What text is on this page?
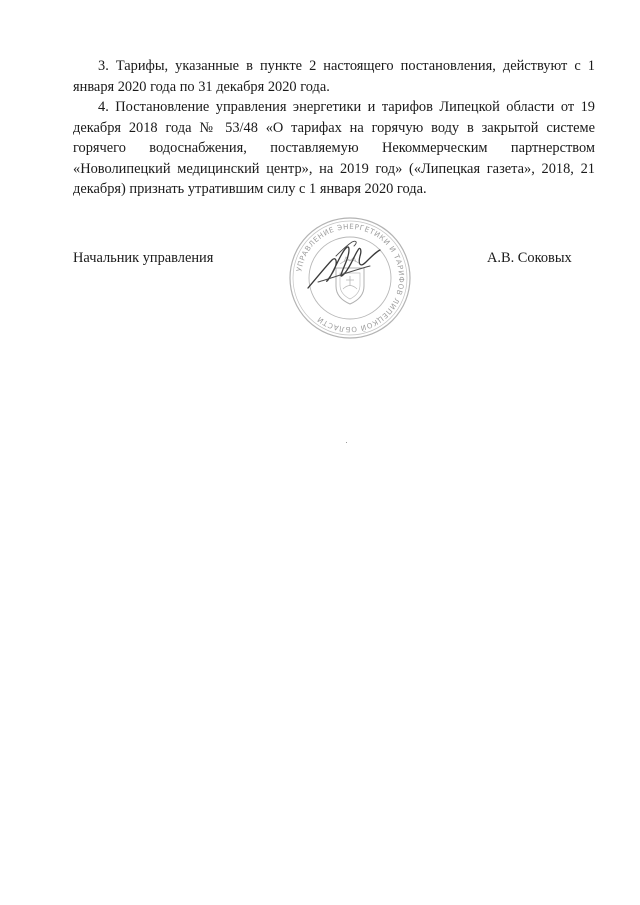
3. Тарифы, указанные в пункте 2 настоящего постановления, действуют с 1 января 2020 года по 31 декабря 2020 года.

4. Постановление управления энергетики и тарифов Липецкой области от 19 декабря 2018 года № 53/48 «О тарифах на горячую воду в закрытой системе горячего водоснабжения, поставляемую Некоммерческим партнерством «Новолипецкий медицинский центр», на 2019 год» («Липецкая газета», 2018, 21 декабря) признать утратившим силу с 1 января 2020 года.

Начальник управления	А.В. Соковых
УПРАВЛЕНИЕ ЭНЕРГЕТИКИ И ТАРИФОВ ЛИПЕЦКОЙ ОБЛАСТИ
